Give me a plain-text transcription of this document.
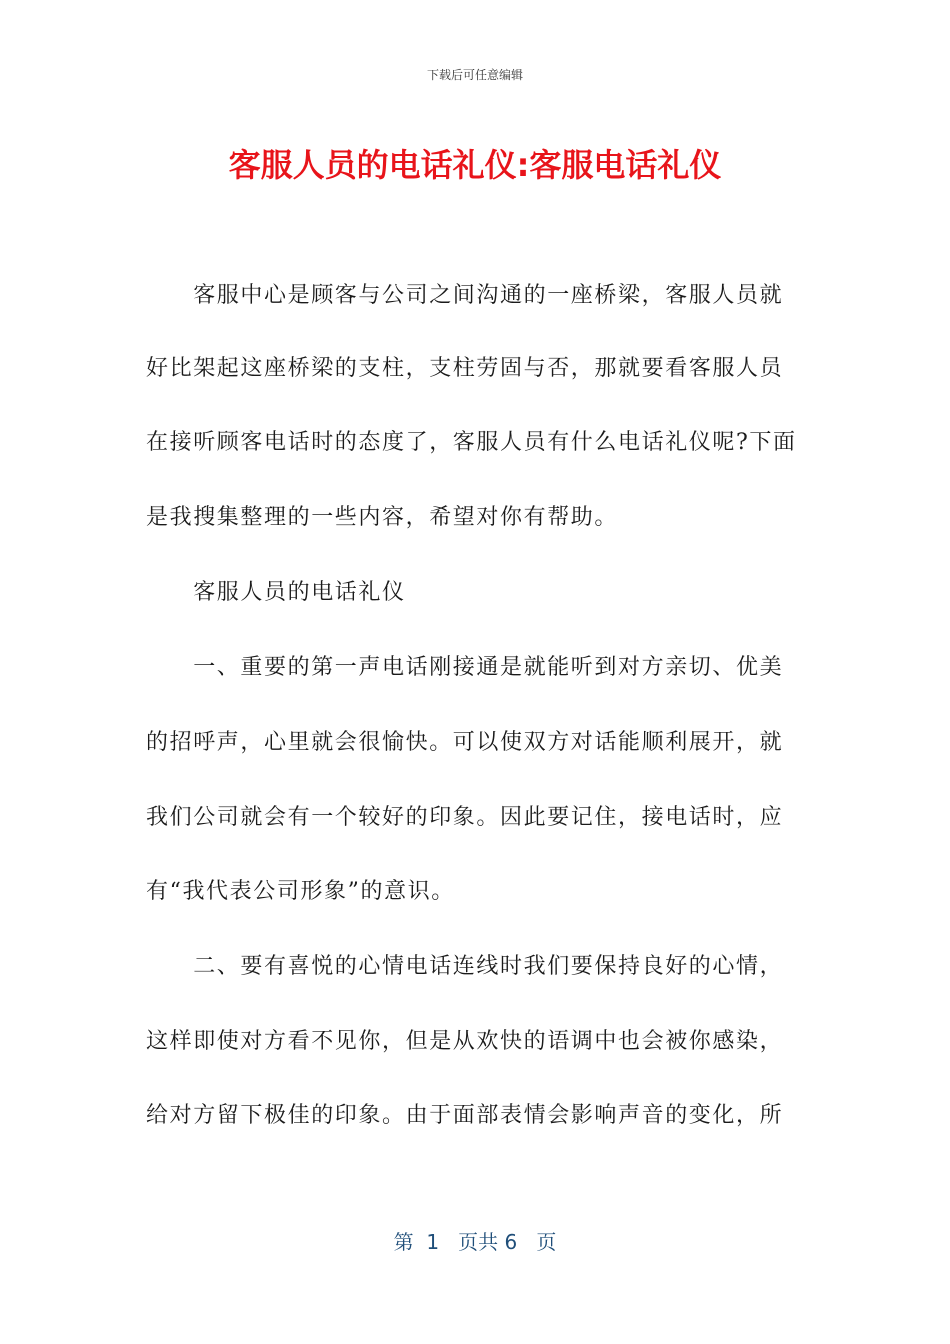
下载后可任意编辑
客服人员的电话礼仪:客服电话礼仪
　　客服中心是顾客与公司之间沟通的一座桥梁，客服人员就
好比架起这座桥梁的支柱，支柱劳固与否，那就要看客服人员
在接听顾客电话时的态度了，客服人员有什么电话礼仪呢?下面
是我搜集整理的一些内容，希望对你有帮助。
　　客服人员的电话礼仪
　　一、重要的第一声电话刚接通是就能听到对方亲切、优美
的招呼声，心里就会很愉快。可以使双方对话能顺利展开，就
我们公司就会有一个较好的印象。因此要记住，接电话时，应
有“我代表公司形象”的意识。
　　二、要有喜悦的心情电话连线时我们要保持良好的心情，
这样即使对方看不见你，但是从欢快的语调中也会被你感染，
给对方留下极佳的印象。由于面部表情会影响声音的变化，所
第  1   页共 6   页
